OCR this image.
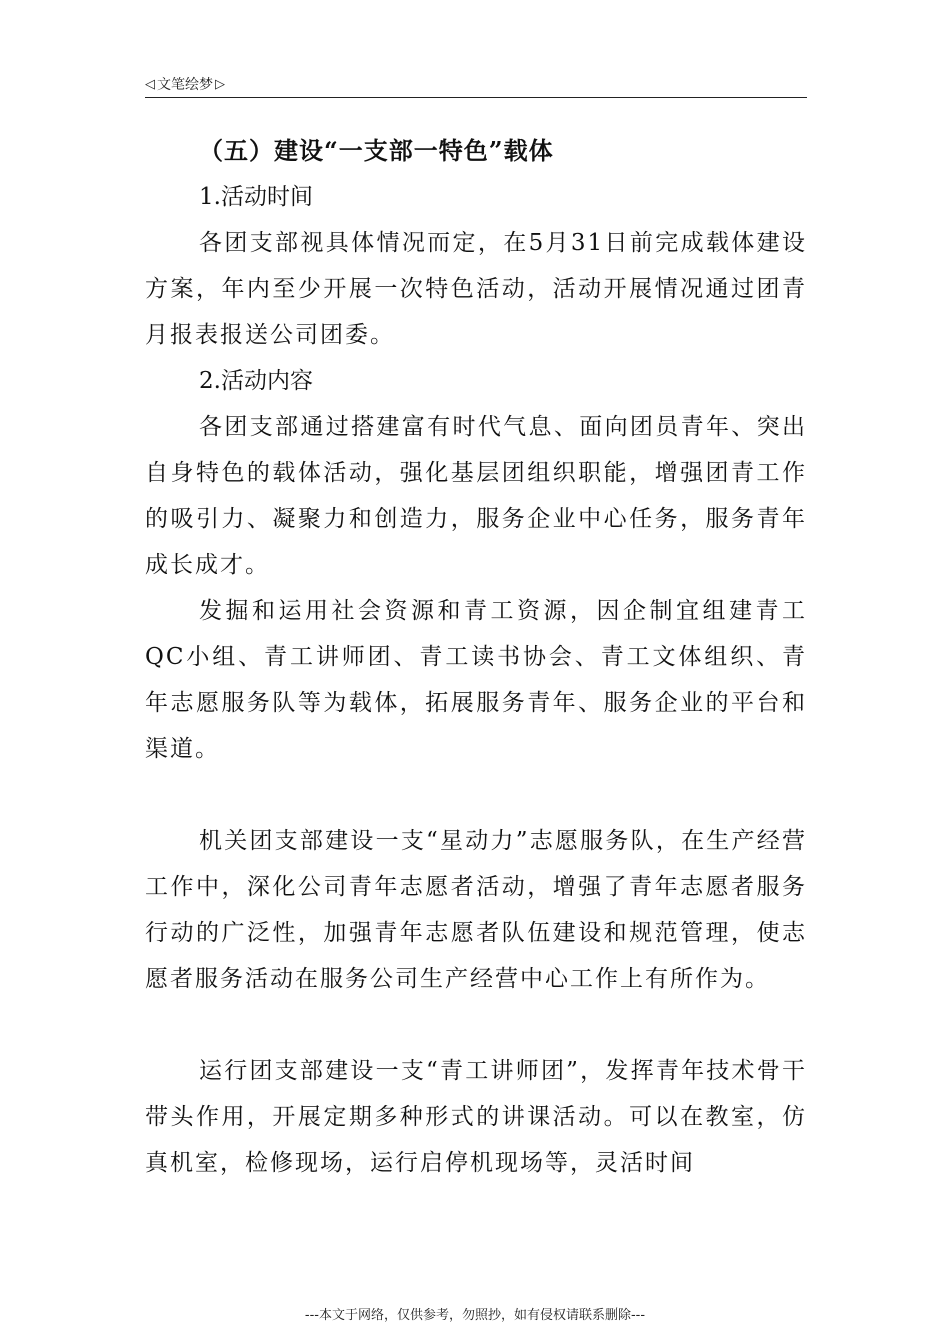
◁ 文笔绘梦 ▷
（五）建设“一支部一特色”载体
1.活动时间
各团支部视具体情况而定，在5月31日前完成载体建设方案，年内至少开展一次特色活动，活动开展情况通过团青月报表报送公司团委。
2.活动内容
各团支部通过搭建富有时代气息、面向团员青年、突出自身特色的载体活动，强化基层团组织职能，增强团青工作的吸引力、凝聚力和创造力，服务企业中心任务，服务青年成长成才。
发掘和运用社会资源和青工资源，因企制宜组建青工QC小组、青工讲师团、青工读书协会、青工文体组织、青年志愿服务队等为载体，拓展服务青年、服务企业的平台和渠道。
机关团支部建设一支“星动力”志愿服务队，在生产经营工作中，深化公司青年志愿者活动，增强了青年志愿者服务行动的广泛性，加强青年志愿者队伍建设和规范管理，使志愿者服务活动在服务公司生产经营中心工作上有所作为。
运行团支部建设一支“青工讲师团”，发挥青年技术骨干带头作用，开展定期多种形式的讲课活动。可以在教室，仿真机室，检修现场，运行启停机现场等，灵活时间
---本文于网络，仅供参考，勿照抄，如有侵权请联系删除---
